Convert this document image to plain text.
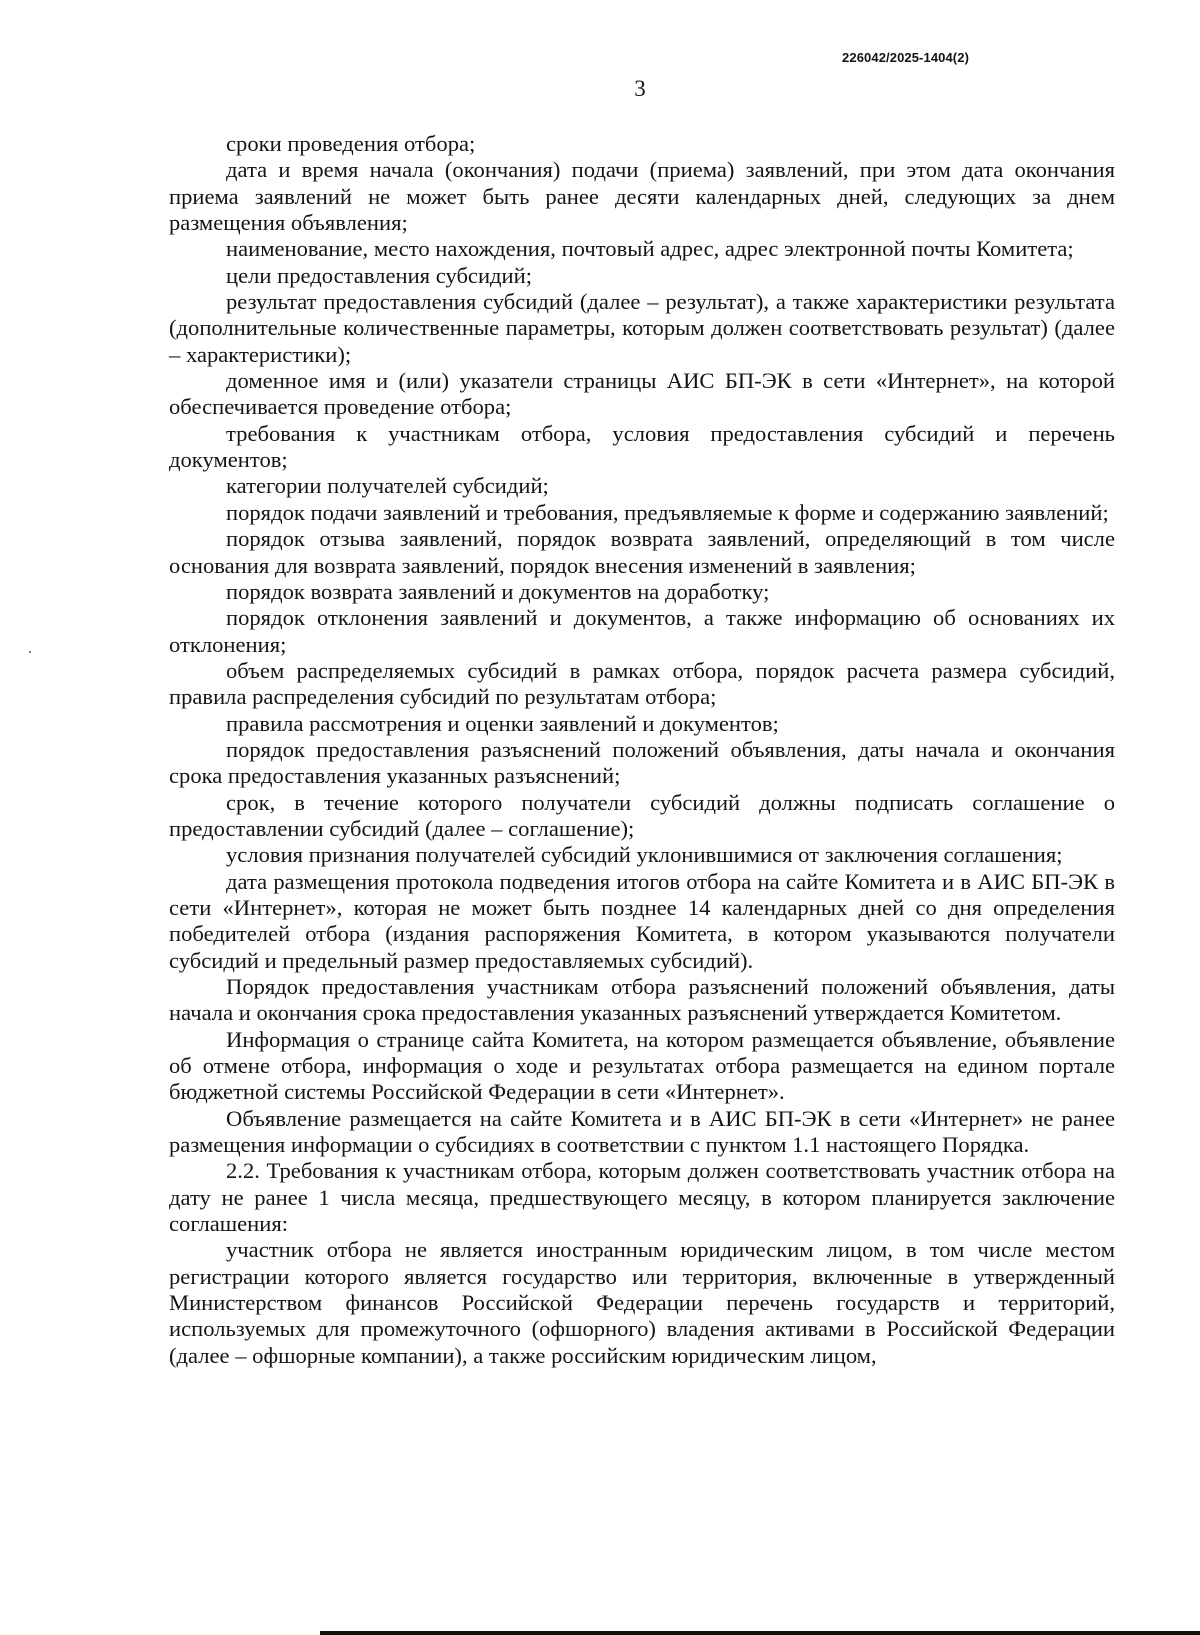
226042/2025-1404(2)
3

сроки проведения отбора;

дата и время начала (окончания) подачи (приема) заявлений, при этом дата окончания приема заявлений не может быть ранее десяти календарных дней, следующих за днем размещения объявления;

наименование, место нахождения, почтовый адрес, адрес электронной почты Комитета;

цели предоставления субсидий;

результат предоставления субсидий (далее – результат), а также характеристики результата (дополнительные количественные параметры, которым должен соответствовать результат) (далее – характеристики);

доменное имя и (или) указатели страницы АИС БП-ЭК в сети «Интернет», на которой обеспечивается проведение отбора;

требования к участникам отбора, условия предоставления субсидий и перечень документов;

категории получателей субсидий;

порядок подачи заявлений и требования, предъявляемые к форме и содержанию заявлений;

порядок отзыва заявлений, порядок возврата заявлений, определяющий в том числе основания для возврата заявлений, порядок внесения изменений в заявления;

порядок возврата заявлений и документов на доработку;

порядок отклонения заявлений и документов, а также информацию об основаниях их отклонения;

объем распределяемых субсидий в рамках отбора, порядок расчета размера субсидий, правила распределения субсидий по результатам отбора;

правила рассмотрения и оценки заявлений и документов;

порядок предоставления разъяснений положений объявления, даты начала и окончания срока предоставления указанных разъяснений;

срок, в течение которого получатели субсидий должны подписать соглашение о предоставлении субсидий (далее – соглашение);

условия признания получателей субсидий уклонившимися от заключения соглашения;

дата размещения протокола подведения итогов отбора на сайте Комитета и в АИС БП-ЭК в сети «Интернет», которая не может быть позднее 14 календарных дней со дня определения победителей отбора (издания распоряжения Комитета, в котором указываются получатели субсидий и предельный размер предоставляемых субсидий).

Порядок предоставления участникам отбора разъяснений положений объявления, даты начала и окончания срока предоставления указанных разъяснений утверждается Комитетом.

Информация о странице сайта Комитета, на котором размещается объявление, объявление об отмене отбора, информация о ходе и результатах отбора размещается на едином портале бюджетной системы Российской Федерации в сети «Интернет».

Объявление размещается на сайте Комитета и в АИС БП-ЭК в сети «Интернет» не ранее размещения информации о субсидиях в соответствии с пунктом 1.1 настоящего Порядка.

2.2. Требования к участникам отбора, которым должен соответствовать участник отбора на дату не ранее 1 числа месяца, предшествующего месяцу, в котором планируется заключение соглашения:

участник отбора не является иностранным юридическим лицом, в том числе местом регистрации которого является государство или территория, включенные в утвержденный Министерством финансов Российской Федерации перечень государств и территорий, используемых для промежуточного (офшорного) владения активами в Российской Федерации (далее – офшорные компании), а также российским юридическим лицом,
